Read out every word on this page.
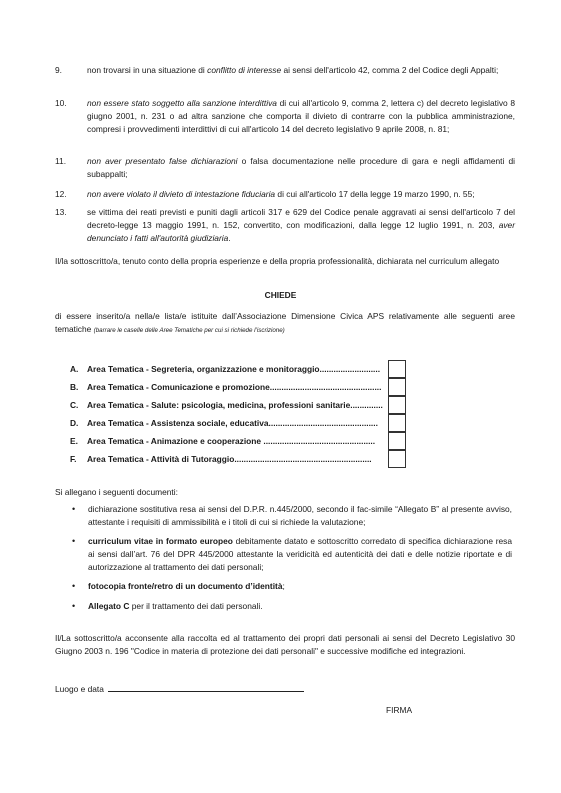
9.	non trovarsi in una situazione di conflitto di interesse ai sensi dell'articolo 42, comma 2 del Codice degli Appalti;
10.	non essere stato soggetto alla sanzione interdittiva di cui all'articolo 9, comma 2, lettera c) del decreto legislativo 8 giugno 2001, n. 231 o ad altra sanzione che comporta il divieto di contrarre con la pubblica amministrazione, compresi i provvedimenti interdittivi di cui all'articolo 14 del decreto legislativo 9 aprile 2008, n. 81;
11.	non aver presentato false dichiarazioni o falsa documentazione nelle procedure di gara e negli affidamenti di subappalti;
12.	non avere violato il divieto di intestazione fiduciaria di cui all'articolo 17 della legge 19 marzo 1990, n. 55;
13.	se vittima dei reati previsti e puniti dagli articoli 317 e 629 del Codice penale aggravati ai sensi dell'articolo 7 del decreto-legge 13 maggio 1991, n. 152, convertito, con modificazioni, dalla legge 12 luglio 1991, n. 203, aver denunciato i fatti all'autorità giudiziaria.
Il/la sottoscritto/a, tenuto conto della propria esperienze e della propria professionalità, dichiarata nel curriculum allegato
CHIEDE
di essere inserito/a nella/e lista/e istituite dall’Associazione Dimensione Civica APS relativamente alle seguenti aree tematiche (barrare le caselle delle Aree Tematiche per cui si richiede l’iscrizione)
A. Area Tematica - Segreteria, organizzazione e monitoraggio..........................
B. Area Tematica - Comunicazione e promozione................................................
C. Area Tematica - Salute: psicologia, medicina, professioni sanitarie..............
D. Area Tematica - Assistenza sociale, educativa...............................................
E. Area Tematica - Animazione e cooperazione ................................................
F. Area Tematica - Attività di Tutoraggio...........................................................
Si allegano i seguenti documenti:
•	dichiarazione sostitutiva resa ai sensi del D.P.R. n.445/2000, secondo il fac-simile “Allegato B” al presente avviso, attestante i requisiti di ammissibilità e i titoli di cui si richiede la valutazione;
•	curriculum vitae in formato europeo debitamente datato e sottoscritto corredato di specifica dichiarazione resa ai sensi dall’art. 76 del DPR 445/2000 attestante la veridicità ed autenticità dei dati e delle notizie riportate e di autorizzazione al trattamento dei dati personali;
•	fotocopia fronte/retro di un documento d’identità;
•	Allegato C per il trattamento dei dati personali.
Il/La sottoscritto/a acconsente alla raccolta ed al trattamento dei propri dati personali ai sensi del Decreto Legislativo 30 Giugno 2003 n. 196 "Codice in materia di protezione dei dati personali" e successive modifiche ed integrazioni.
Luogo e data
FIRMA
